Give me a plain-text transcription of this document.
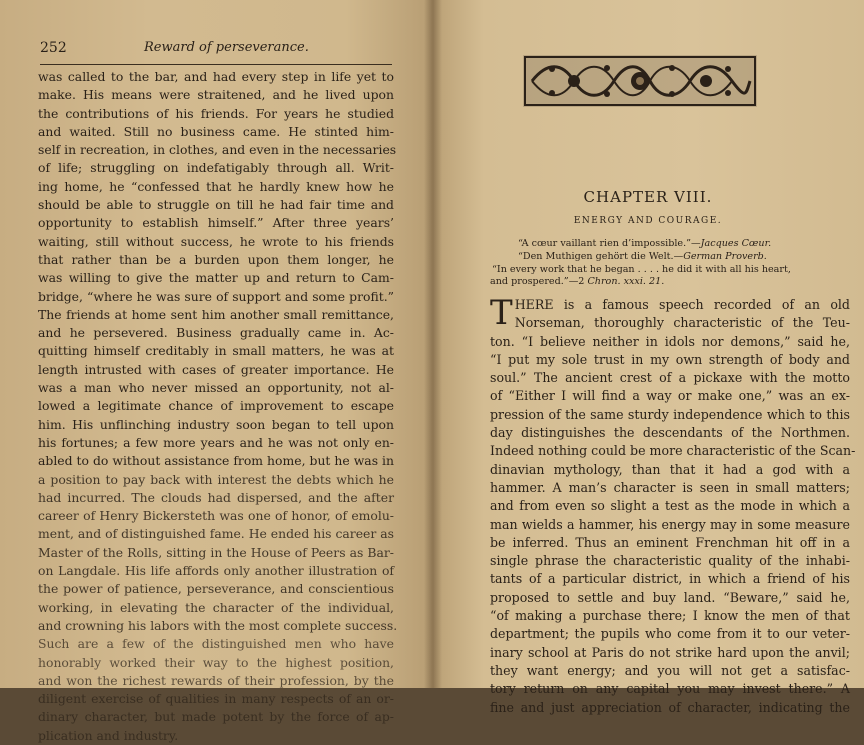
252	Reward of perseverance.
was called to the bar, and had every step in life yet to
make. His means were straitened, and he lived upon
the contributions of his friends. For years he studied
and waited. Still no business came. He stinted him-
self in recreation, in clothes, and even in the necessaries
of life; struggling on indefatigably through all. Writ-
ing home, he “confessed that he hardly knew how he
should be able to struggle on till he had fair time and
opportunity to establish himself.” After three years’
waiting, still without success, he wrote to his friends
that rather than be a burden upon them longer, he
was willing to give the matter up and return to Cam-
bridge, “where he was sure of support and some profit.”
The friends at home sent him another small remittance,
and he persevered. Business gradually came in. Ac-
quitting himself creditably in small matters, he was at
length intrusted with cases of greater importance. He
was a man who never missed an opportunity, not al-
lowed a legitimate chance of improvement to escape
him. His unflinching industry soon began to tell upon
his fortunes; a few more years and he was not only en-
abled to do without assistance from home, but he was in
a position to pay back with interest the debts which he
had incurred. The clouds had dispersed, and the after
career of Henry Bickersteth was one of honor, of emolu-
ment, and of distinguished fame. He ended his career as
Master of the Rolls, sitting in the House of Peers as Bar-
on Langdale. His life affords only another illustration of
the power of patience, perseverance, and conscientious
working, in elevating the character of the individual,
and crowning his labors with the most complete success.
Such are a few of the distinguished men who have
honorably worked their way to the highest position,
and won the richest rewards of their profession, by the
diligent exercise of qualities in many respects of an or-
dinary character, but made potent by the force of ap-
plication and industry.
CHAPTER VIII.
ENERGY AND COURAGE.
“A cœur vaillant rien d’impossible.”—Jacques Cœur.
“Den Muthigen gehört die Welt.—German Proverb.
“In every work that he began . . . . he did it with all his heart,
and prospered.”—2 Chron. xxxi. 21.
T HERE is a famous speech recorded of an old
Norseman, thoroughly characteristic of the Teu-
ton. “I believe neither in idols nor demons,” said he,
“I put my sole trust in my own strength of body and
soul.” The ancient crest of a pickaxe with the motto
of “Either I will find a way or make one,” was an ex-
pression of the same sturdy independence which to this
day distinguishes the descendants of the Northmen.
Indeed nothing could be more characteristic of the Scan-
dinavian mythology, than that it had a god with a
hammer. A man’s character is seen in small matters;
and from even so slight a test as the mode in which a
man wields a hammer, his energy may in some measure
be inferred. Thus an eminent Frenchman hit off in a
single phrase the characteristic quality of the inhabi-
tants of a particular district, in which a friend of his
proposed to settle and buy land. “Beware,” said he,
“of making a purchase there; I know the men of that
department; the pupils who come from it to our veter-
inary school at Paris do not strike hard upon the anvil;
they want energy; and you will not get a satisfac-
tory return on any capital you may invest there.” A
fine and just appreciation of character, indicating the
